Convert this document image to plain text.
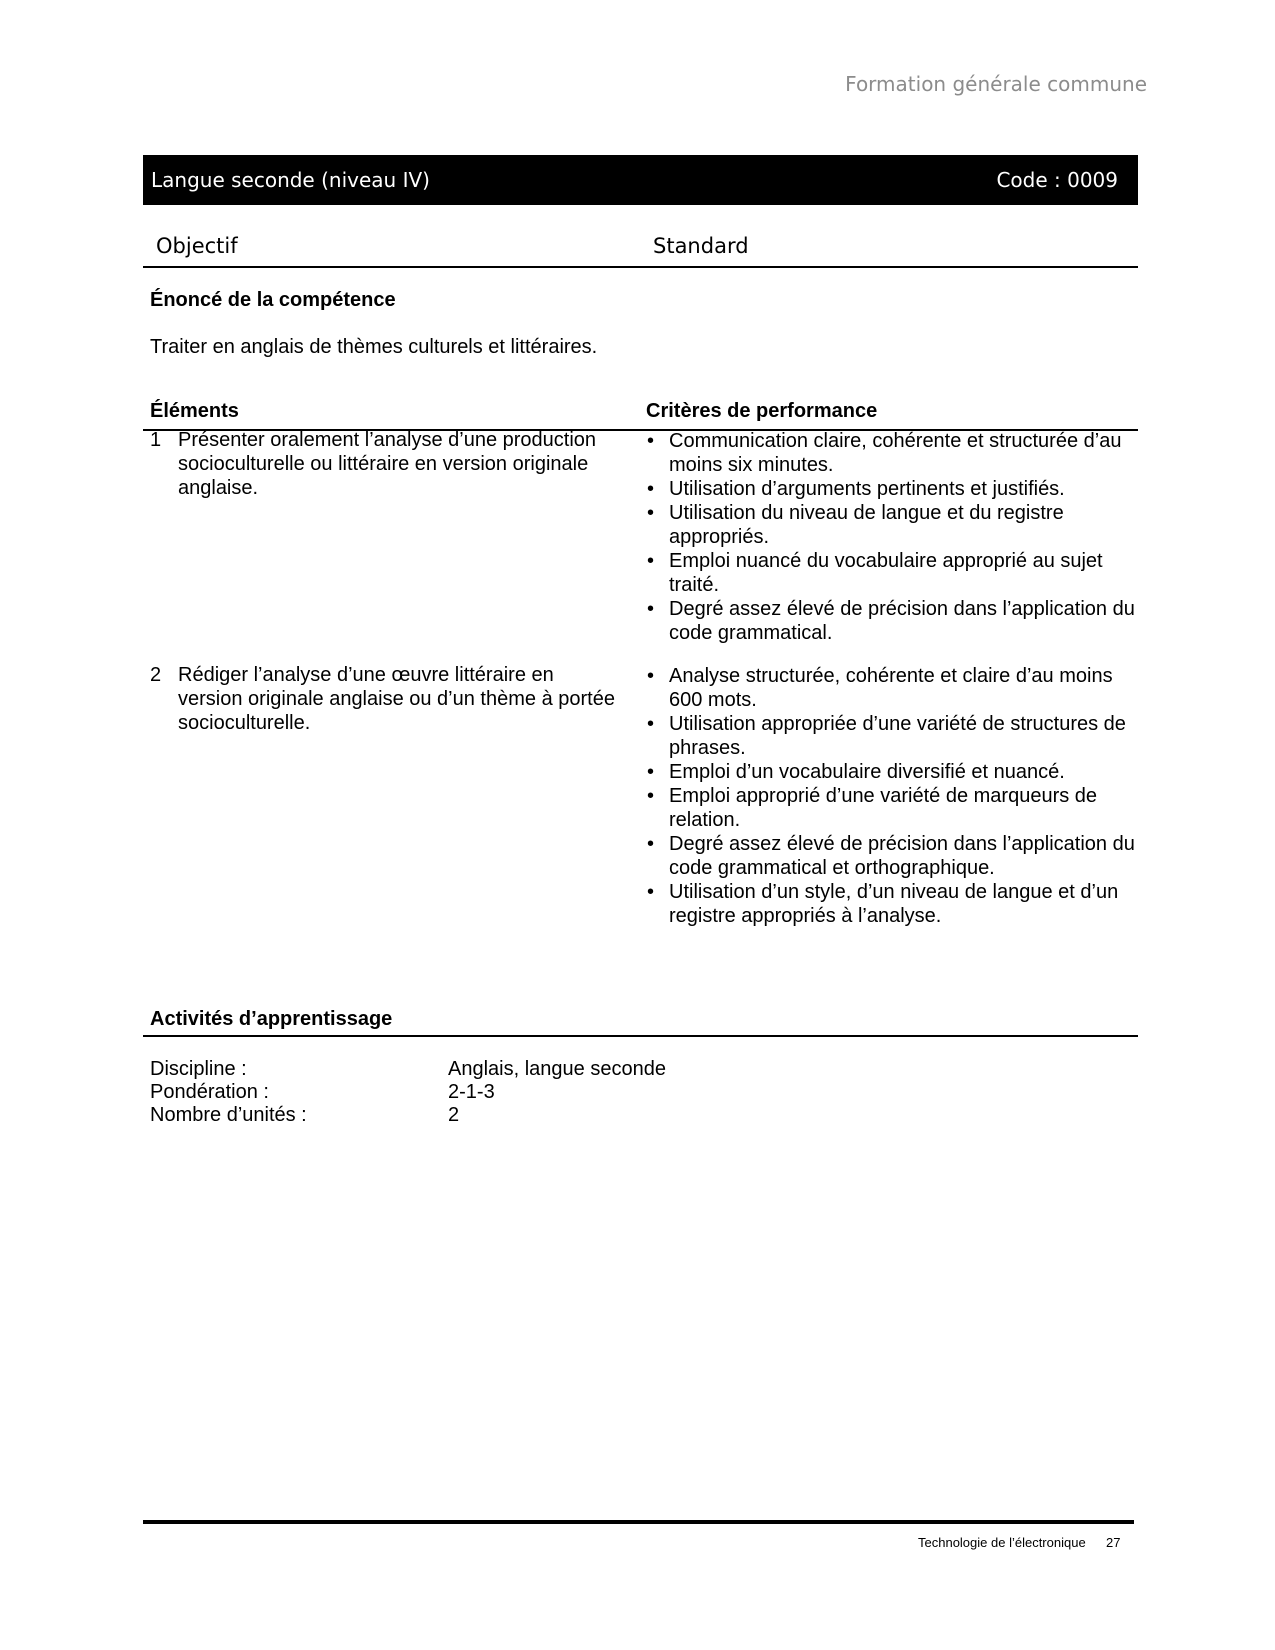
Formation générale commune
Langue seconde (niveau IV)	Code : 0009
Objectif	Standard
Énoncé de la compétence
Traiter en anglais de thèmes culturels et littéraires.
Éléments	Critères de performance
1 Présenter oralement l’analyse d’une production socioculturelle ou littéraire en version originale anglaise.
• Communication claire, cohérente et structurée d’au moins six minutes.
• Utilisation d’arguments pertinents et justifiés.
• Utilisation du niveau de langue et du registre appropriés.
• Emploi nuancé du vocabulaire approprié au sujet traité.
• Degré assez élevé de précision dans l’application du code grammatical.
2 Rédiger l’analyse d’une œuvre littéraire en version originale anglaise ou d’un thème à portée socioculturelle.
• Analyse structurée, cohérente et claire d’au moins 600 mots.
• Utilisation appropriée d’une variété de structures de phrases.
• Emploi d’un vocabulaire diversifié et nuancé.
• Emploi approprié d’une variété de marqueurs de relation.
• Degré assez élevé de précision dans l’application du code grammatical et orthographique.
• Utilisation d’un style, d’un niveau de langue et d’un registre appropriés à l’analyse.
Activités d’apprentissage
Discipline :	Anglais, langue seconde
Pondération :	2-1-3
Nombre d’unités :	2
Technologie de l’électronique 27
